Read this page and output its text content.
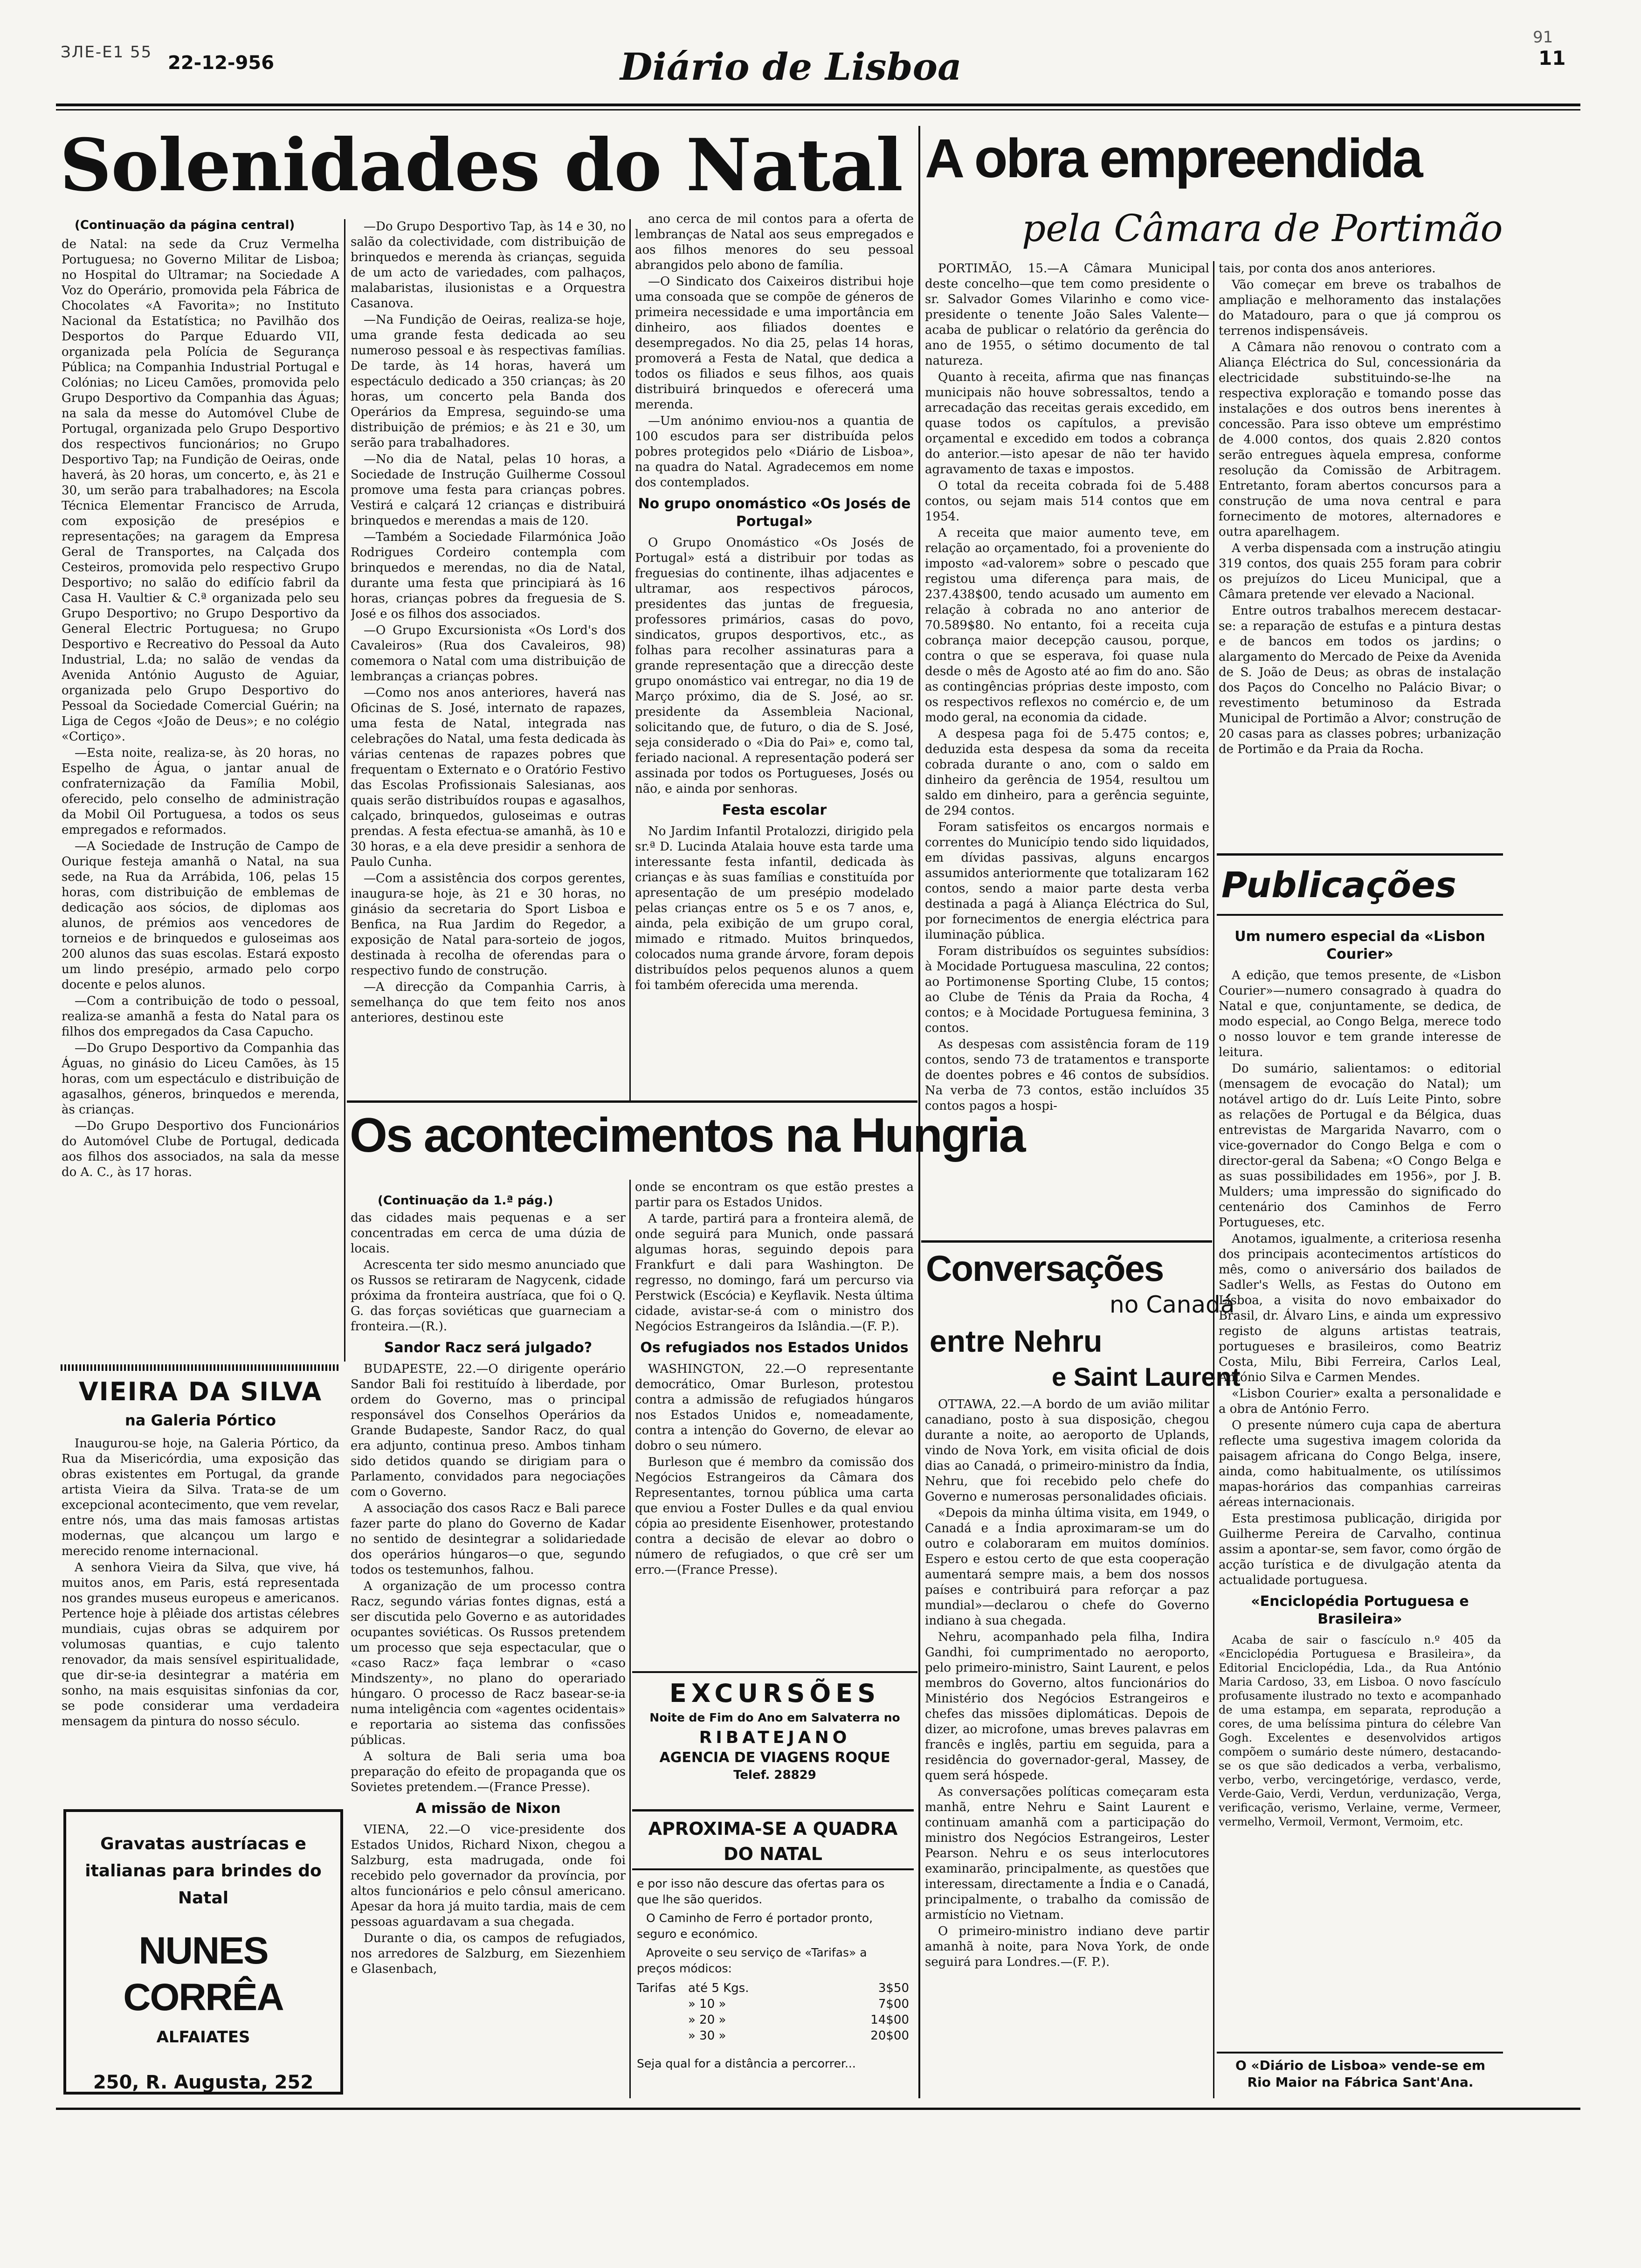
ЗЛЕ-Е1 55 22-12-956	Diário de Lisboa
91
11
Solenidades do Natal
(Continuação da página central)

de Natal: na sede da Cruz Vermelha Portuguesa; no Governo Militar de Lisboa; no Hospital do Ultramar; na Sociedade A Voz do Operário, promovida pela Fábrica de Chocolates «A Favorita»; no Instituto Nacional da Estatística; no Pavilhão dos Desportos do Parque Eduardo VII, organizada pela Polícia de Segurança Pública; na Companhia Industrial Portugal e Colónias; no Liceu Camões, promovida pelo Grupo Desportivo da Companhia das Águas; na sala da messe do Automóvel Clube de Portugal, organizada pelo Grupo Desportivo dos respectivos funcionários; no Grupo Desportivo Tap; na Fundição de Oeiras, onde haverá, às 20 horas, um concerto, e, às 21 e 30, um serão para trabalhadores; na Escola Técnica Elementar Francisco de Arruda, com exposição de presépios e representações; na garagem da Empresa Geral de Transportes, na Calçada dos Cesteiros, promovida pelo respectivo Grupo Desportivo; no salão do edifício fabril da Casa H. Vaultier & C.ª organizada pelo seu Grupo Desportivo; no Grupo Desportivo da General Electric Portuguesa; no Grupo Desportivo e Recreativo do Pessoal da Auto Industrial, L.da; no salão de vendas da Avenida António Augusto de Aguiar, organizada pelo Grupo Desportivo do Pessoal da Sociedade Comercial Guérin; na Liga de Cegos «João de Deus»; e no colégio «Cortiço».

—Esta noite, realiza-se, às 20 horas, no Espelho de Água, o jantar anual de confraternização da Família Mobil, oferecido, pelo conselho de administração da Mobil Oil Portuguesa, a todos os seus empregados e reformados.

—A Sociedade de Instrução de Campo de Ourique festeja amanhã o Natal, na sua sede, na Rua da Arrábida, 106, pelas 15 horas, com distribuição de emblemas de dedicação aos sócios, de diplomas aos alunos, de prémios aos vencedores de torneios e de brinquedos e guloseimas aos 200 alunos das suas escolas. Estará exposto um lindo presépio, armado pelo corpo docente e pelos alunos.

—Com a contribuição de todo o pessoal, realiza-se amanhã a festa do Natal para os filhos dos empregados da Casa Capucho.

—Do Grupo Desportivo da Companhia das Águas, no ginásio do Liceu Camões, às 15 horas, com um espectáculo e distribuição de agasalhos, géneros, brinquedos e merenda, às crianças.

—Do Grupo Desportivo dos Funcionários do Automóvel Clube de Portugal, dedicada aos filhos dos associados, na sala da messe do A. C., às 17 horas.

—Do Grupo Desportivo Tap, às 14 e 30, no salão da colectividade, com distribuição de brinquedos e merenda às crianças, seguida de um acto de variedades, com palhaços, malabaristas, ilusionistas e a Orquestra Casanova.

—Na Fundição de Oeiras, realiza-se hoje, uma grande festa dedicada ao seu numeroso pessoal e às respectivas famílias. De tarde, às 14 horas, haverá um espectáculo dedicado a 350 crianças; às 20 horas, um concerto pela Banda dos Operários da Empresa, seguindo-se uma distribuição de prémios; e às 21 e 30, um serão para trabalhadores.

—No dia de Natal, pelas 10 horas, a Sociedade de Instrução Guilherme Cossoul promove uma festa para crianças pobres. Vestirá e calçará 12 crianças e distribuirá brinquedos e merendas a mais de 120.

—Também a Sociedade Filarmónica João Rodrigues Cordeiro contempla com brinquedos e merendas, no dia de Natal, durante uma festa que principiará às 16 horas, crianças pobres da freguesia de S. José e os filhos dos associados.

—O Grupo Excursionista «Os Lord's dos Cavaleiros» (Rua dos Cavaleiros, 98) comemora o Natal com uma distribuição de lembranças a crianças pobres.

—Como nos anos anteriores, haverá nas Oficinas de S. José, internato de rapazes, uma festa de Natal, integrada nas celebrações do Natal, uma festa dedicada às várias centenas de rapazes pobres que frequentam o Externato e o Oratório Festivo das Escolas Profissionais Salesianas, aos quais serão distribuídos roupas e agasalhos, calçado, brinquedos, guloseimas e outras prendas. A festa efectua-se amanhã, às 10 e 30 horas, e a ela deve presidir a senhora de Paulo Cunha.

—Com a assistência dos corpos gerentes, inaugura-se hoje, às 21 e 30 horas, no ginásio da secretaria do Sport Lisboa e Benfica, na Rua Jardim do Regedor, a exposição de Natal para-sorteio de jogos, destinada à recolha de oferendas para o respectivo fundo de construção.

—A direcção da Companhia Carris, à semelhança do que tem feito nos anos anteriores, destinou este

ano cerca de mil contos para a oferta de lembranças de Natal aos seus empregados e aos filhos menores do seu pessoal abrangidos pelo abono de família.

—O Sindicato dos Caixeiros distribui hoje uma consoada que se compõe de géneros de primeira necessidade e uma importância em dinheiro, aos filiados doentes e desempregados. No dia 25, pelas 14 horas, promoverá a Festa de Natal, que dedica a todos os filiados e seus filhos, aos quais distribuirá brinquedos e oferecerá uma merenda.

—Um anónimo enviou-nos a quantia de 100 escudos para ser distribuída pelos pobres protegidos pelo «Diário de Lisboa», na quadra do Natal. Agradecemos em nome dos contemplados.

No grupo onomástico «Os Josés de Portugal»

O Grupo Onomástico «Os Josés de Portugal» está a distribuir por todas as freguesias do continente, ilhas adjacentes e ultramar, aos respectivos párocos, presidentes das juntas de freguesia, professores primários, casas do povo, sindicatos, grupos desportivos, etc., as folhas para recolher assinaturas para a grande representação que a direcção deste grupo onomástico vai entregar, no dia 19 de Março próximo, dia de S. José, ao sr. presidente da Assembleia Nacional, solicitando que, de futuro, o dia de S. José, seja considerado o «Dia do Pai» e, como tal, feriado nacional. A representação poderá ser assinada por todos os Portugueses, Josés ou não, e ainda por senhoras.

Festa escolar

No Jardim Infantil Protalozzi, dirigido pela sr.ª D. Lucinda Atalaia houve esta tarde uma interessante festa infantil, dedicada às crianças e às suas famílias e constituída por apresentação de um presépio modelado pelas crianças entre os 5 e os 7 anos, e, ainda, pela exibição de um grupo coral, mimado e ritmado. Muitos brinquedos, colocados numa grande árvore, foram depois distribuídos pelos pequenos alunos a quem foi também oferecida uma merenda.

Os acontecimentos na Hungria
(Continuação da 1.ª pág.)

das cidades mais pequenas e a ser concentradas em cerca de uma dúzia de locais.

Acrescenta ter sido mesmo anunciado que os Russos se retiraram de Nagycenk, cidade próxima da fronteira austríaca, que foi o Q. G. das forças soviéticas que guarneciam a fronteira.—(R.).

Sandor Racz será julgado?

BUDAPESTE, 22.—O dirigente operário Sandor Bali foi restituído à liberdade, por ordem do Governo, mas o principal responsável dos Conselhos Operários da Grande Budapeste, Sandor Racz, do qual era adjunto, continua preso. Ambos tinham sido detidos quando se dirigiam para o Parlamento, convidados para negociações com o Governo.

A associação dos casos Racz e Bali parece fazer parte do plano do Governo de Kadar no sentido de desintegrar a solidariedade dos operários húngaros—o que, segundo todos os testemunhos, falhou.

A organização de um processo contra Racz, segundo várias fontes dignas, está a ser discutida pelo Governo e as autoridades ocupantes soviéticas. Os Russos pretendem um processo que seja espectacular, que o «caso Racz» faça lembrar o «caso Mindszenty», no plano do operariado húngaro. O processo de Racz basear-se-ia numa inteligência com «agentes ocidentais» e reportaria ao sistema das confissões públicas.

A soltura de Bali seria uma boa preparação do efeito de propaganda que os Sovietes pretendem.—(France Presse).

A missão de Nixon

VIENA, 22.—O vice-presidente dos Estados Unidos, Richard Nixon, chegou a Salzburg, esta madrugada, onde foi recebido pelo governador da província, por altos funcionários e pelo cônsul americano. Apesar da hora já muito tardia, mais de cem pessoas aguardavam a sua chegada.

Durante o dia, os campos de refugiados, nos arredores de Salzburg, em Siezenhiem e Glasenbach,

onde se encontram os que estão prestes a partir para os Estados Unidos.

A tarde, partirá para a fronteira alemã, de onde seguirá para Munich, onde passará algumas horas, seguindo depois para Frankfurt e dali para Washington. De regresso, no domingo, fará um percurso via Perstwick (Escócia) e Keyflavik. Nesta última cidade, avistar-se-á com o ministro dos Negócios Estrangeiros da Islândia.—(F. P.).

Os refugiados nos Estados Unidos

WASHINGTON, 22.—O representante democrático, Omar Burleson, protestou contra a admissão de refugiados húngaros nos Estados Unidos e, nomeadamente, contra a intenção do Governo, de elevar ao dobro o seu número.

Burleson que é membro da comissão dos Negócios Estrangeiros da Câmara dos Representantes, tornou pública uma carta que enviou a Foster Dulles e da qual enviou cópia ao presidente Eisenhower, protestando contra a decisão de elevar ao dobro o número de refugiados, o que crê ser um erro.—(France Presse).

EXCURSÕES
Noite de Fim do Ano em Salvaterra no
RIBATEJANO
AGENCIA DE VIAGENS ROQUE
Telef. 28829
APROXIMA-SE A QUADRA DO NATAL
e por isso não descure das ofertas para os que lhe são queridos.
O Caminho de Ferro é portador pronto, seguro e económico.
Aproveite o seu serviço de «Tarifas» a preços módicos:
Tarifas até 5 Kgs.	3$50
» 10 »	7$00
» 20 »	14$00
» 30 »	20$00
Seja qual for a distância a percorrer...
VIEIRA DA SILVA
na Galeria Pórtico

Inaugurou-se hoje, na Galeria Pórtico, da Rua da Misericórdia, uma exposição das obras existentes em Portugal, da grande artista Vieira da Silva. Trata-se de um excepcional acontecimento, que vem revelar, entre nós, uma das mais famosas artistas modernas, que alcançou um largo e merecido renome internacional.

A senhora Vieira da Silva, que vive, há muitos anos, em Paris, está representada nos grandes museus europeus e americanos. Pertence hoje à plêiade dos artistas célebres mundiais, cujas obras se adquirem por volumosas quantias, e cujo talento renovador, da mais sensível espiritualidade, que dir-se-ia desintegrar a matéria em sonho, na mais esquisitas sinfonias da cor, se pode considerar uma verdadeira mensagem da pintura do nosso século.

Gravatas austríacas e italianas para brindes do Natal
NUNES CORRÊA
ALFAIATES
250, R. Augusta, 252
A obra empreendida
pela Câmara de Portimão

PORTIMÃO, 15.—A Câmara Municipal deste concelho—que tem como presidente o sr. Salvador Gomes Vilarinho e como vice-presidente o tenente João Sales Valente—acaba de publicar o relatório da gerência do ano de 1955, o sétimo documento de tal natureza.

Quanto à receita, afirma que nas finanças municipais não houve sobressaltos, tendo a arrecadação das receitas gerais excedido, em quase todos os capítulos, a previsão orçamental e excedido em todos a cobrança do anterior.—isto apesar de não ter havido agravamento de taxas e impostos.

O total da receita cobrada foi de 5.488 contos, ou sejam mais 514 contos que em 1954.

A receita que maior aumento teve, em relação ao orçamentado, foi a proveniente do imposto «ad-valorem» sobre o pescado que registou uma diferença para mais, de 237.438$00, tendo acusado um aumento em relação à cobrada no ano anterior de 70.589$80. No entanto, foi a receita cuja cobrança maior decepção causou, porque, contra o que se esperava, foi quase nula desde o mês de Agosto até ao fim do ano. São as contingências próprias deste imposto, com os respectivos reflexos no comércio e, de um modo geral, na economia da cidade.

A despesa paga foi de 5.475 contos; e, deduzida esta despesa da soma da receita cobrada durante o ano, com o saldo em dinheiro da gerência de 1954, resultou um saldo em dinheiro, para a gerência seguinte, de 294 contos.

Foram satisfeitos os encargos normais e correntes do Município tendo sido liquidados, em dívidas passivas, alguns encargos assumidos anteriormente que totalizaram 162 contos, sendo a maior parte desta verba destinada a pagá à Aliança Eléctrica do Sul, por fornecimentos de energia eléctrica para iluminação pública.

Foram distribuídos os seguintes subsídios: à Mocidade Portuguesa masculina, 22 contos; ao Portimonense Sporting Clube, 15 contos; ao Clube de Ténis da Praia da Rocha, 4 contos; e à Mocidade Portuguesa feminina, 3 contos.

As despesas com assistência foram de 119 contos, sendo 73 de tratamentos e transporte de doentes pobres e 46 contos de subsídios. Na verba de 73 contos, estão incluídos 35 contos pagos a hospi-

tais, por conta dos anos anteriores.

Vão começar em breve os trabalhos de ampliação e melhoramento das instalações do Matadouro, para o que já comprou os terrenos indispensáveis.

A Câmara não renovou o contrato com a Aliança Eléctrica do Sul, concessionária da electricidade substituindo-se-lhe na respectiva exploração e tomando posse das instalações e dos outros bens inerentes à concessão. Para isso obteve um empréstimo de 4.000 contos, dos quais 2.820 contos serão entregues àquela empresa, conforme resolução da Comissão de Arbitragem. Entretanto, foram abertos concursos para a construção de uma nova central e para fornecimento de motores, alternadores e outra aparelhagem.

A verba dispensada com a instrução atingiu 319 contos, dos quais 255 foram para cobrir os prejuízos do Liceu Municipal, que a Câmara pretende ver elevado a Nacional.

Entre outros trabalhos merecem destacar-se: a reparação de estufas e a pintura destas e de bancos em todos os jardins; o alargamento do Mercado de Peixe da Avenida de S. João de Deus; as obras de instalação dos Paços do Concelho no Palácio Bivar; o revestimento betuminoso da Estrada Municipal de Portimão a Alvor; construção de 20 casas para as classes pobres; urbanização de Portimão e da Praia da Rocha.

Conversações
no Canadá
entre Nehru
e Saint Laurent

OTTAWA, 22.—A bordo de um avião militar canadiano, posto à sua disposição, chegou durante a noite, ao aeroporto de Uplands, vindo de Nova York, em visita oficial de dois dias ao Canadá, o primeiro-ministro da Índia, Nehru, que foi recebido pelo chefe do Governo e numerosas personalidades oficiais.

«Depois da minha última visita, em 1949, o Canadá e a Índia aproximaram-se um do outro e colaboraram em muitos domínios. Espero e estou certo de que esta cooperação aumentará sempre mais, a bem dos nossos países e contribuirá para reforçar a paz mundial»—declarou o chefe do Governo indiano à sua chegada.

Nehru, acompanhado pela filha, Indira Gandhi, foi cumprimentado no aeroporto, pelo primeiro-ministro, Saint Laurent, e pelos membros do Governo, altos funcionários do Ministério dos Negócios Estrangeiros e chefes das missões diplomáticas. Depois de dizer, ao microfone, umas breves palavras em francês e inglês, partiu em seguida, para a residência do governador-geral, Massey, de quem será hóspede.

As conversações políticas começaram esta manhã, entre Nehru e Saint Laurent e continuam amanhã com a participação do ministro dos Negócios Estrangeiros, Lester Pearson. Nehru e os seus interlocutores examinarão, principalmente, as questões que interessam, directamente a Índia e o Canadá, principalmente, o trabalho da comissão de armistício no Vietnam.

O primeiro-ministro indiano deve partir amanhã à noite, para Nova York, de onde seguirá para Londres.—(F. P.).

Publicações
Um numero especial da «Lisbon Courier»

A edição, que temos presente, de «Lisbon Courier»—numero consagrado à quadra do Natal e que, conjuntamente, se dedica, de modo especial, ao Congo Belga, merece todo o nosso louvor e tem grande interesse de leitura.

Do sumário, salientamos: o editorial (mensagem de evocação do Natal); um notável artigo do dr. Luís Leite Pinto, sobre as relações de Portugal e da Bélgica, duas entrevistas de Margarida Navarro, com o vice-governador do Congo Belga e com o director-geral da Sabena; «O Congo Belga e as suas possibilidades em 1956», por J. B. Mulders; uma impressão do significado do centenário dos Caminhos de Ferro Portugueses, etc.

Anotamos, igualmente, a criteriosa resenha dos principais acontecimentos artísticos do mês, como o aniversário dos bailados de Sadler's Wells, as Festas do Outono em Lisboa, a visita do novo embaixador do Brasil, dr. Álvaro Lins, e ainda um expressivo registo de alguns artistas teatrais, portugueses e brasileiros, como Beatriz Costa, Milu, Bibi Ferreira, Carlos Leal, António Silva e Carmen Mendes.

«Lisbon Courier» exalta a personalidade e a obra de António Ferro.

O presente número cuja capa de abertura reflecte uma sugestiva imagem colorida da paisagem africana do Congo Belga, insere, ainda, como habitualmente, os utilíssimos mapas-horários das companhias carreiras aéreas internacionais.

Esta prestimosa publicação, dirigida por Guilherme Pereira de Carvalho, continua assim a apontar-se, sem favor, como órgão de acção turística e de divulgação atenta da actualidade portuguesa.

«Enciclopédia Portuguesa e Brasileira»

Acaba de sair o fascículo n.º 405 da «Enciclopédia Portuguesa e Brasileira», da Editorial Enciclopédia, Lda., da Rua António Maria Cardoso, 33, em Lisboa. O novo fascículo profusamente ilustrado no texto e acompanhado de uma estampa, em separata, reprodução a cores, de uma belíssima pintura do célebre Van Gogh. Excelentes e desenvolvidos artigos compõem o sumário deste número, destacando-se os que são dedicados a verba, verbalismo, verbo, verbo, vercingetórige, verdasco, verde, Verde-Gaio, Verdi, Verdun, verdunização, Verga, verificação, verismo, Verlaine, verme, Vermeer, vermelho, Vermoil, Vermont, Vermoim, etc.

O «Diário de Lisboa» vende-se em Rio Maior na Fábrica Sant'Ana.
